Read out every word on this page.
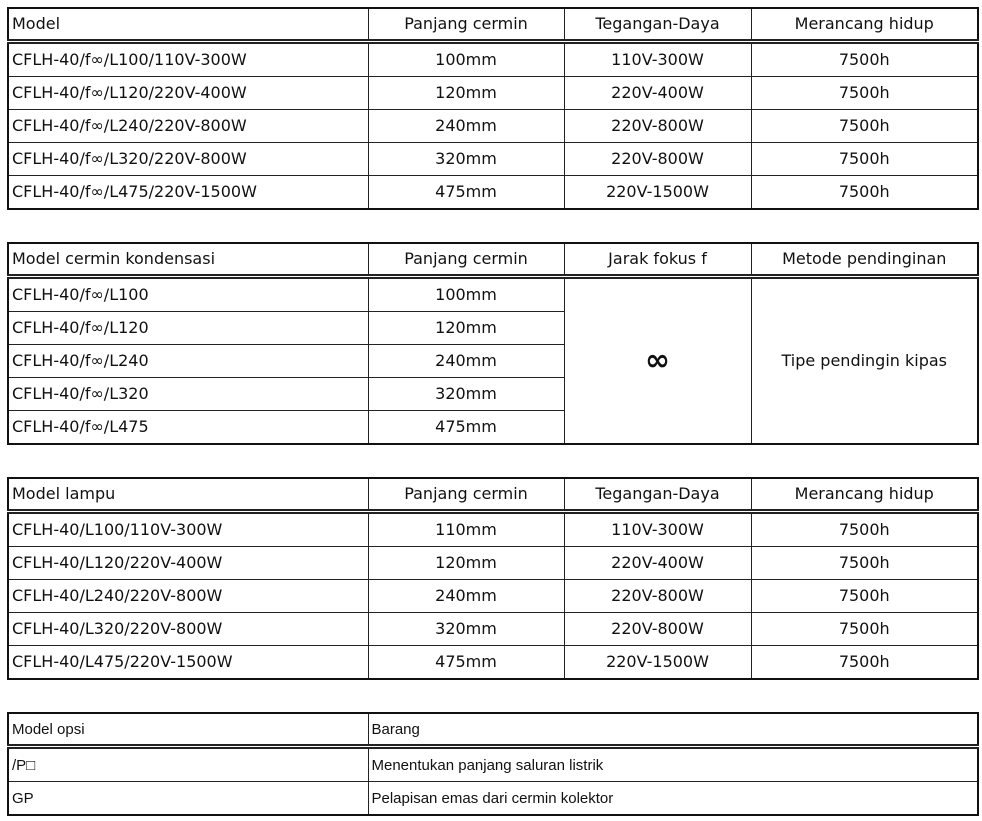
Model	Panjang cermin	Tegangan-Daya	Merancang hidup
CFLH-40/f∞/L100/110V-300W	100mm	110V-300W	7500h
CFLH-40/f∞/L120/220V-400W	120mm	220V-400W	7500h
CFLH-40/f∞/L240/220V-800W	240mm	220V-800W	7500h
CFLH-40/f∞/L320/220V-800W	320mm	220V-800W	7500h
CFLH-40/f∞/L475/220V-1500W	475mm	220V-1500W	7500h
Model cermin kondensasi	Panjang cermin	Jarak fokus f	Metode pendinginan
CFLH-40/f∞/L100	100mm	∞	Tipe pendingin kipas
CFLH-40/f∞/L120	120mm		
CFLH-40/f∞/L240	240mm		
CFLH-40/f∞/L320	320mm		
CFLH-40/f∞/L475	475mm		
Model lampu	Panjang cermin	Tegangan-Daya	Merancang hidup
CFLH-40/L100/110V-300W	110mm	110V-300W	7500h
CFLH-40/L120/220V-400W	120mm	220V-400W	7500h
CFLH-40/L240/220V-800W	240mm	220V-800W	7500h
CFLH-40/L320/220V-800W	320mm	220V-800W	7500h
CFLH-40/L475/220V-1500W	475mm	220V-1500W	7500h
Model opsi	Barang
/P□	Menentukan panjang saluran listrik
GP	Pelapisan emas dari cermin kolektor
